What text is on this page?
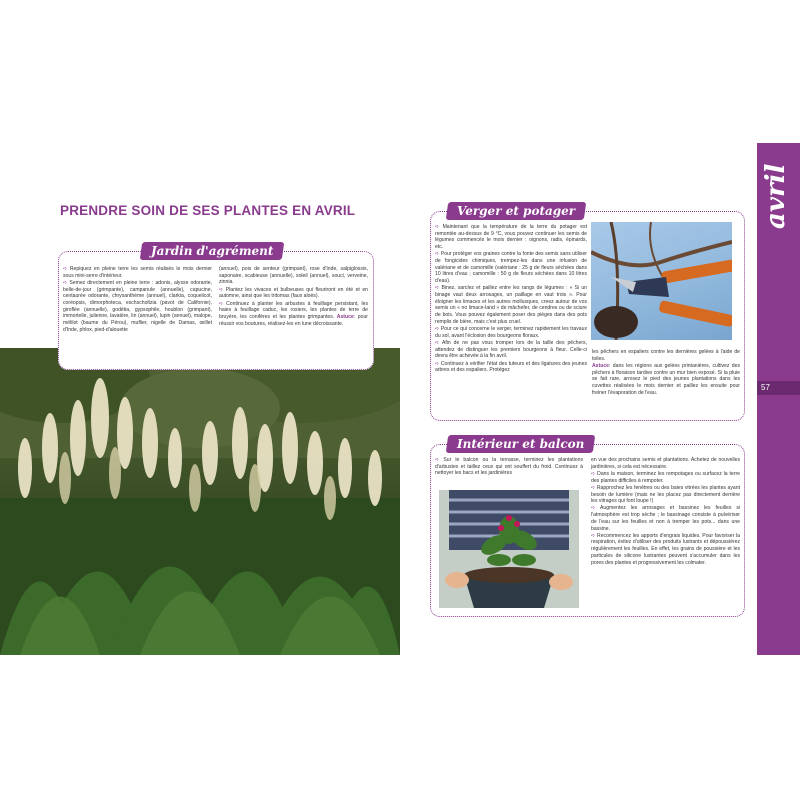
PRENDRE SOIN DE SES PLANTES EN AVRIL
Jardin d'agrément

➪ Repiquez en pleine terre les semis réalisés le mois dernier sous mini-serre d'intérieur.

➪ Semez directement en pleine terre : adonis, alysse odorante, belle-de-jour (grimpante), campanule (annuelle), capucine, centaurée odorante, chrysanthème (annuel), clarkia, coquelicot, coréopsis, dimorphoteca, eschscholtzia (pavot de Californie), giroflée (annuelle), godétia, gypsophile, houblon (grimpant), immortelle, julienne, lavatère, lin (annuel), lupin (annuel), malope, mélilot (baume du Pérou), muflier, nigelle de Damas, œillet d'Inde, phlox, pied-d'alouette

(annuel), pois de senteur (grimpant), rose d'Inde, salpiglossis, saponaire, scabieuse (annuelle), soleil (annuel), souci, verveine, zinnia.

➪ Plantez les vivaces et bulbeuses qui fleuriront en été et en automne, ainsi que les tritomas (faux aloès).

➪ Continuez à planter les arbustes à feuillage persistant, les haies à feuillage caduc, les rosiers, les plantes de terre de bruyère, les conifères et les plantes grimpantes. Astuce: pour réussir vos boutures, réalisez-les en lune décroissante.

Verger et potager

➪ Maintenant que la température de la terre du potager est remontée au-dessus de 9 °C, vous pouvez continuer les semis de légumes commencés le mois dernier : oignons, radis, épinards, etc.

➪ Pour protéger vos graines contre la fonte des semis sans utiliser de fongicides chimiques, trempez-les dans une infusion de valériane et de camomille (valériane : 25 g de fleurs séchées dans 10 litres d'eau ; camomille : 50 g de fleurs séchées dans 10 litres d'eau).

➪ Binez, sarclez et paillez entre les rangs de légumes : « Si un binage vaut deux arrosages, un paillage en vaut trois ». Pour éloigner les limaces et les autres mollusques, creez autour de vos semis un « no limace-land » de mâchefer, de cendres ou de sciure de bois. Vous pouvez également poser des pièges dans des pots remplis de bière, mais c'est plus cruel.

➪ Pour ce qui concerne le verger, terminez rapidement les travaux du sol, avant l'éclosion des bourgeons floraux.

➪ Afin de ne pas vous tromper lors de la taille des pêchers, attendez de distinguer les premiers bourgeons à fleur. Celle-ci devra être achevée à la fin avril.

➪ Continuez à vérifier l'état des tuteurs et des ligatures des jeunes arbres et des espaliers. Protégez

les pêchers en espaliers contre les dernières gelées à l'aide de toiles.

Astuce: dans les régions aux gelées printanières, cultivez des pêchers à floraison tardive contre un mur bien exposé. Si la pluie se fait rare, arrosez le pied des jeunes plantations dans les cuvettes réalisées le mois dernier et paillez les ensuite pour freiner l'évaporation de l'eau.

Intérieur et balcon

➪ Sur le balcon ou la terrasse, terminez les plantations d'arbustes et taillez ceux qui ont souffert du froid. Continuez à nettoyer les bacs et les jardinières

en vue des prochains semis et plantations. Achetez de nouvelles jardinières, si cela est nécessaire.

➪ Dans la maison, terminez les rempotages ou surfacez la terre des plantes difficiles à rempoter.

➪ Rapprochez les fenêtres ou des baies vitrées les plantes ayant besoin de lumière (mais ne les placez pas directement derrière les vitrages qui font loupe !)

➪ Augmentez les arrosages et bassinez les feuilles si l'atmosphère est trop sèche ; le bassinage consiste à pulvériser de l'eau sur les feuilles et non à tremper les pots... dans une bassine.

➪ Recommencez les apports d'engrais liquides. Pour favoriser la respiration, évitez d'utiliser des produits lustrants et dépoussiérez régulièrement les feuilles. En effet, les grains de poussière et les particules de silicone lustrantes peuvent s'accumuler dans les pores des plantes et progressivement les colmater.

avril
57
